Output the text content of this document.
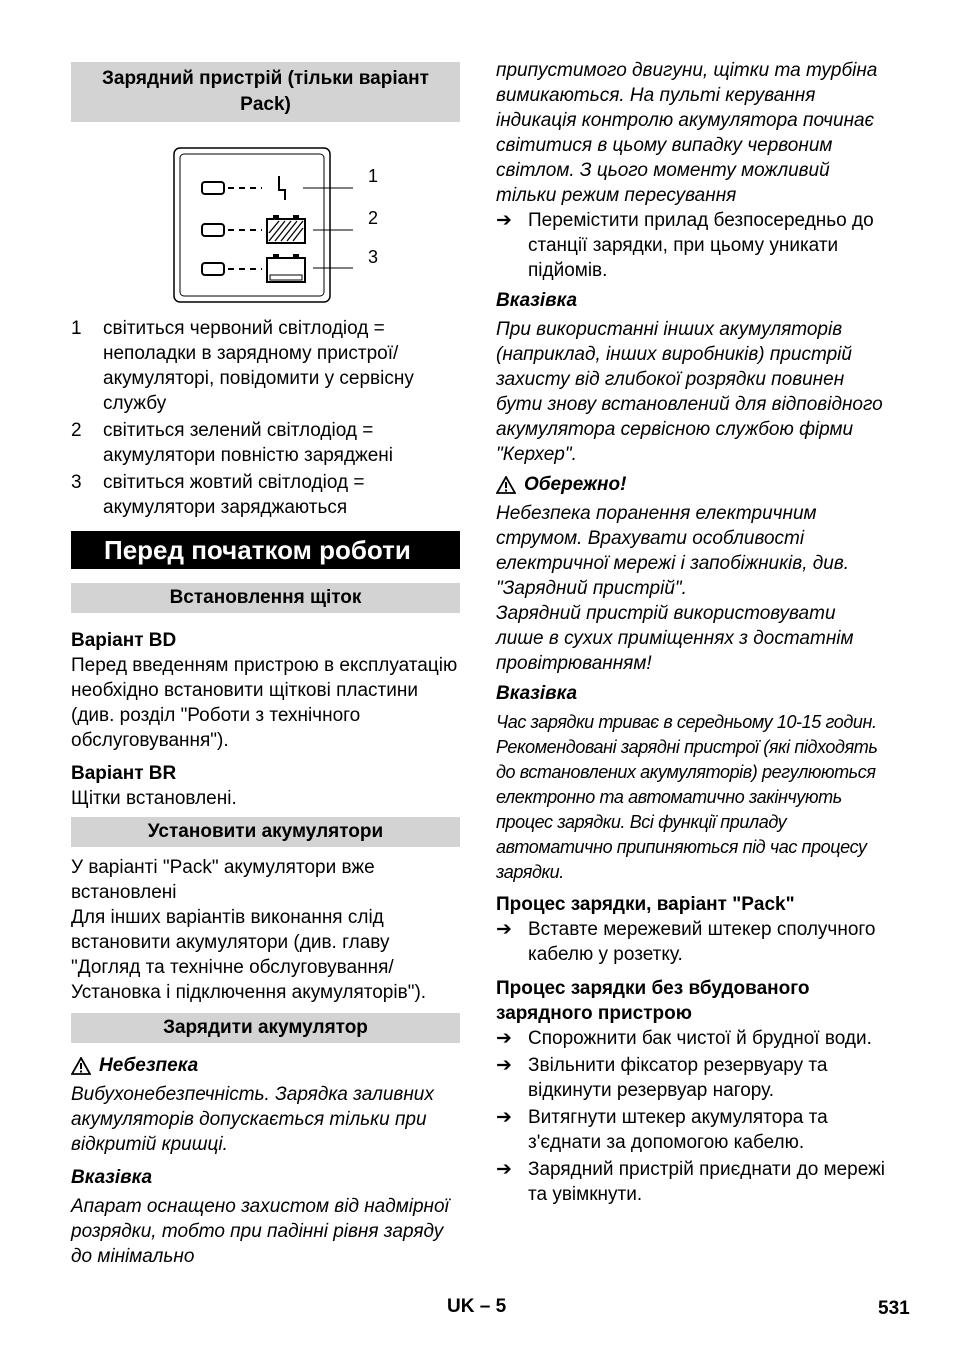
Зарядний пристрій (тільки варіант Pack)
1
2
3
1	світиться червоний світлодіод = неполадки в зарядному пристрої/ акумуляторі, повідомити у сервісну службу
2	світиться зелений світлодіод = акумулятори повністю заряджені
3	світиться жовтий світлодіод = акумулятори заряджаються
Перед початком роботи
Встановлення щіток

Варіант BD

Перед введенням пристрою в експлуатацію необхідно встановити щіткові пластини (див. розділ "Роботи з технічного обслуговування").

Варіант BR

Щітки встановлені.

Установити акумулятори

У варіанті "Pack" акумулятори вже встановлені

Для інших варіантів виконання слід встановити акумулятори (див. главу "Догляд та технічне обслуговування/ Установка і підключення акумуляторів").

Зарядити акумулятор
Небезпека

Вибухонебезпечність. Зарядка заливних акумуляторів допускається тільки при відкритій кришці.

Вказівка

Апарат оснащено захистом від надмірної розрядки, тобто при падінні рівня заряду до мінімально

припустимого двигуни, щітки та турбіна вимикаються. На пульті керування індикація контролю акумулятора починає світитися в цьому випадку червоним світлом. З цього моменту можливий тільки режим пересування

➔ Перемістити прилад безпосередньо до станції зарядки, при цьому уникати підйомів.

Вказівка

При використанні інших акумуляторів (наприклад, інших виробників) пристрій захисту від глибокої розрядки повинен бути знову встановлений для відповідного акумулятора сервісною службою фірми "Керхер".

Обережно!

Небезпека поранення електричним струмом. Врахувати особливості електричної мережі і запобіжників, див. "Зарядний пристрій".

Зарядний пристрій використовувати лише в сухих приміщеннях з достатнім провітрюванням!

Вказівка

Час зарядки триває в середньому 10-15 годин.

Рекомендовані зарядні пристрої (які підходять до встановлених акумуляторів) регулюються електронно та автоматично закінчують процес зарядки. Всі функції приладу автоматично припиняються під час процесу зарядки.

Процес зарядки, варіант "Pack"

➔ Вставте мережевий штекер сполучного кабелю у розетку.

Процес зарядки без вбудованого зарядного пристрою

➔ Спорожнити бак чистої й брудної води.
➔ Звільнити фіксатор резервуару та відкинути резервуар нагору.
➔ Витягнути штекер акумулятора та з'єднати за допомогою кабелю.
➔ Зарядний пристрій приєднати до мережі та увімкнути.
UK – 5	531
